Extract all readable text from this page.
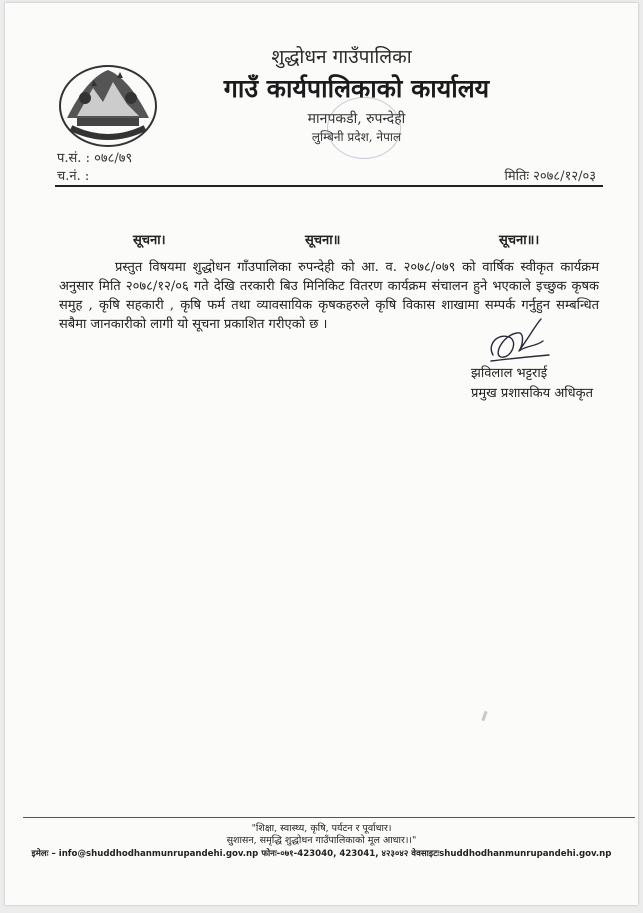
शुद्धोधन गाउँपालिका
गाउँ कार्यपालिकाको कार्यालय
मानपकडी, रुपन्देही
लुम्बिनी प्रदेश, नेपाल
प.सं. : ०७८/७९
च.नं. :	मितिः २०७८/१२/०३
सूचना।	सूचना॥	सूचना॥।
प्रस्तुत विषयमा शुद्धोधन गाँउपालिका रुपन्देही को आ. व. २०७८/०७९ को वार्षिक स्वीकृत कार्यक्रम अनुसार मिति २०७८/१२/०६ गते देखि तरकारी बिउ मिनिकिट वितरण कार्यक्रम संचालन हुने भएकाले इच्छुक कृषक समुह , कृषि सहकारी , कृषि फर्म तथा व्यावसायिक कृषकहरुले कृषि विकास शाखामा सम्पर्क गर्नुहुन सम्बन्धित सबैमा जानकारीको लागी यो सूचना प्रकाशित गरीएको छ ।
झविलाल भट्टराई
प्रमुख प्रशासकिय अधिकृत
"शिक्षा, स्वास्थ्य, कृषि, पर्यटन र पूर्वाधार।
सुशासन, समृद्धि शुद्धोधन गाउँपालिकाको मूल आधार।।"
इमेलः – info@shuddhodhanmunrupandehi.gov.np फोनः-०७१-423040, 423041, ४२३०४२ वेवसाइटःshuddhodhanmunrupandehi.gov.np
